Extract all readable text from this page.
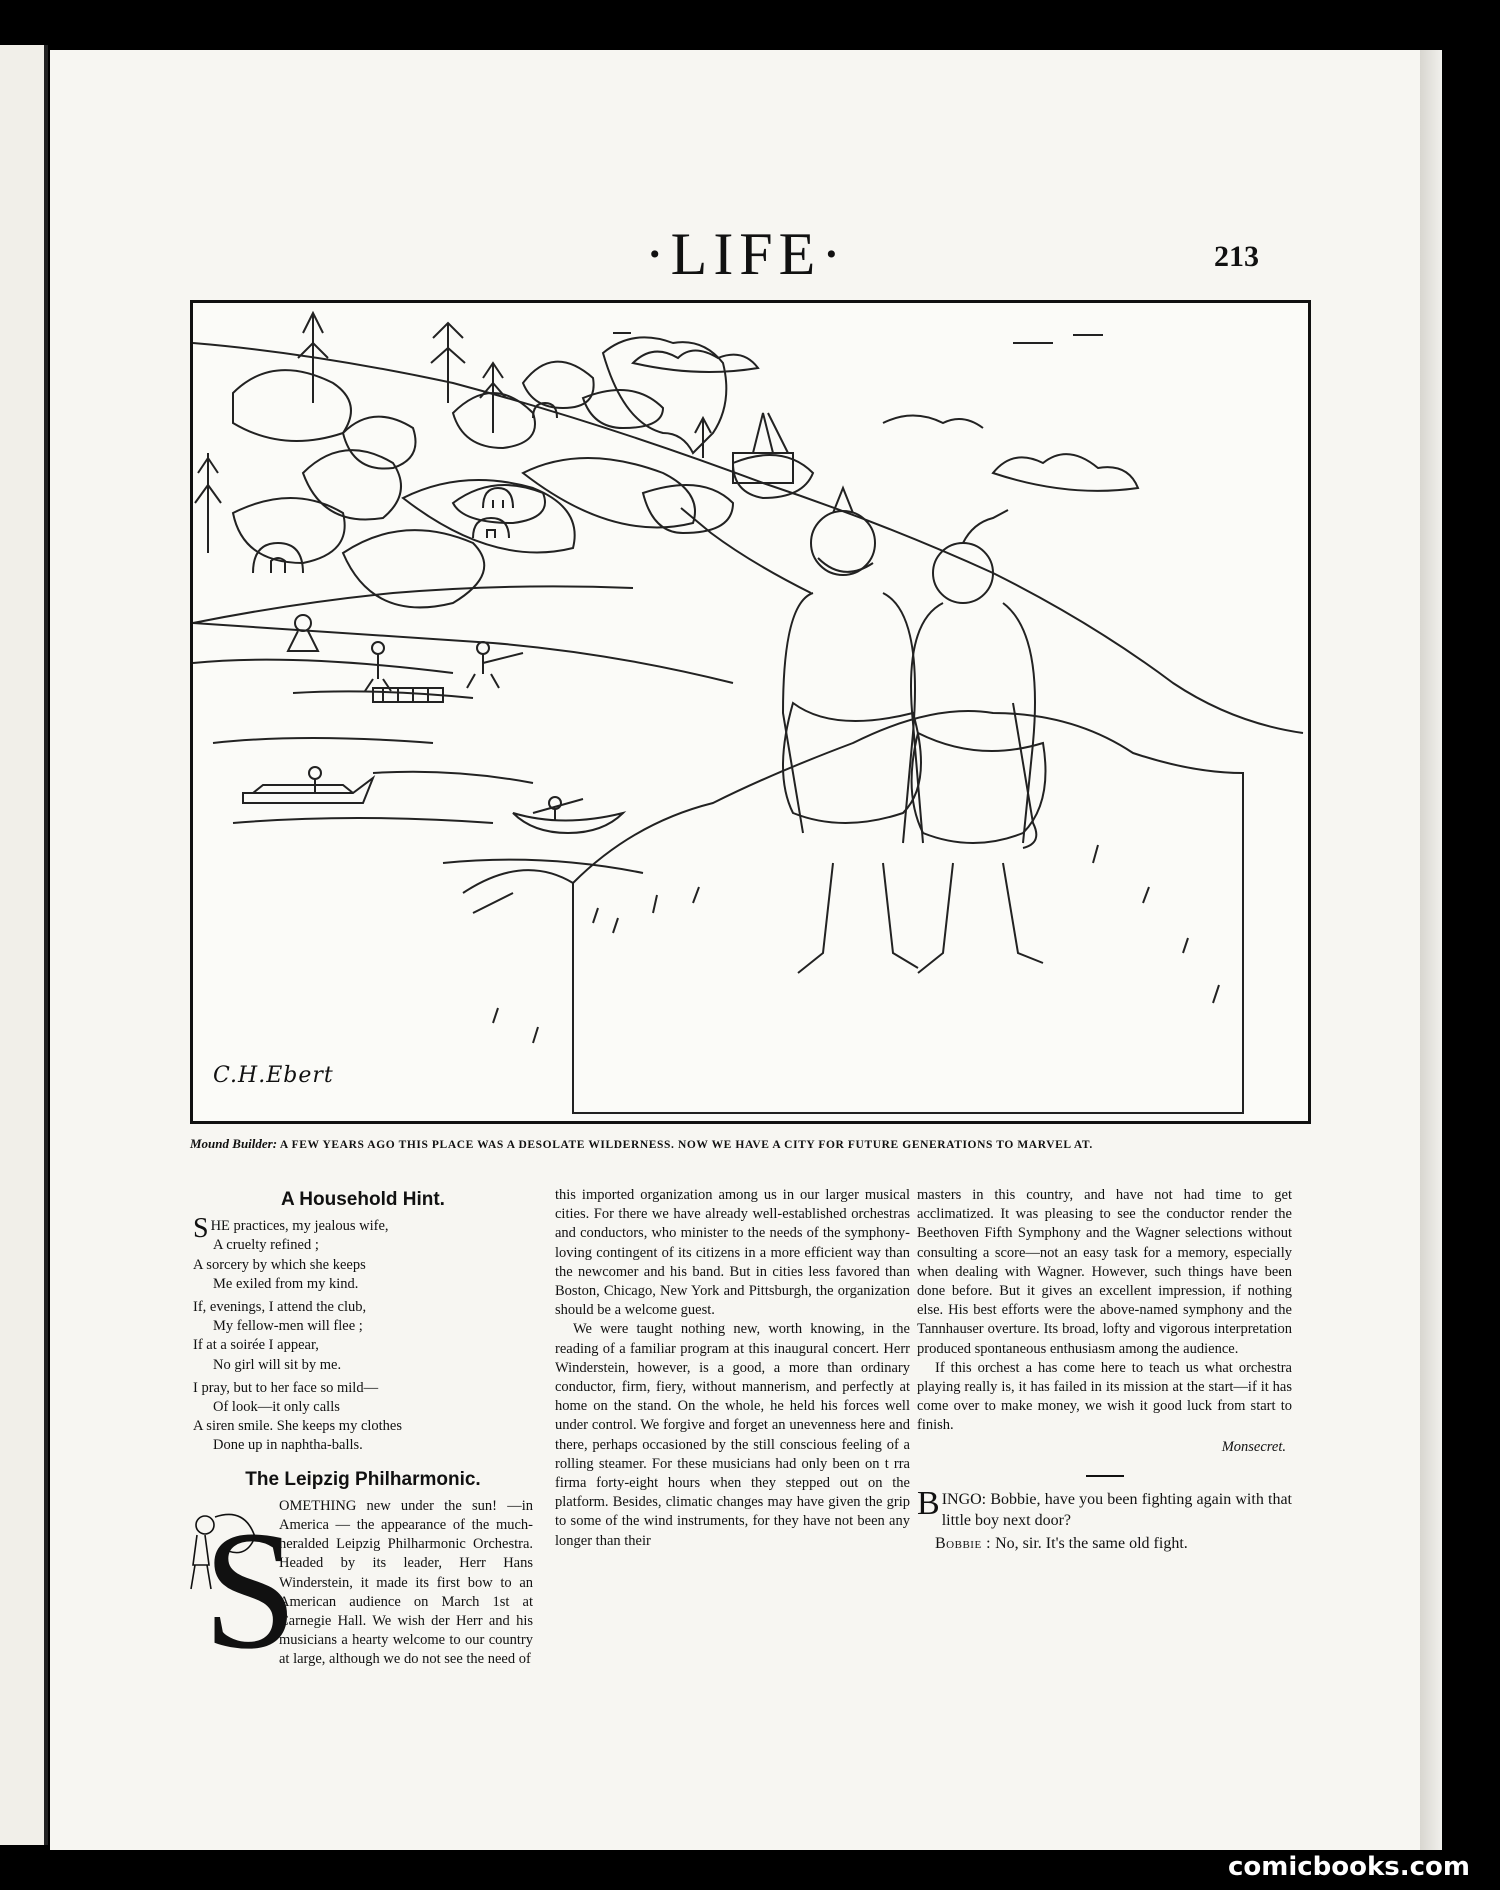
·LIFE·	213
C.H.Ebert
Mound Builder: A FEW YEARS AGO THIS PLACE WAS A DESOLATE WILDERNESS. NOW WE HAVE A CITY FOR FUTURE GENERATIONS TO MARVEL AT.
A Household Hint.

SHE practices, my jealous wife,

A cruelty refined ;

A sorcery by which she keeps

Me exiled from my kind.

If, evenings, I attend the club,

My fellow-men will flee ;

If at a soirée I appear,

No girl will sit by me.

I pray, but to her face so mild—

Of look—it only calls

A siren smile. She keeps my clothes

Done up in naphtha-balls.

The Leipzig Philharmonic.
S

OMETHING new under the sun! —in America — the appearance of the much-heralded Leipzig Philharmonic Orchestra. Headed by its leader, Herr Hans Winderstein, it made its first bow to an American audience on March 1st at Carnegie Hall. We wish der Herr and his musicians a hearty welcome to our country at large, although we do not see the need of

this imported organization among us in our larger musical cities. For there we have already well-established orchestras and conductors, who minister to the needs of the symphony-loving contingent of its citizens in a more efficient way than the newcomer and his band. But in cities less favored than Boston, Chicago, New York and Pittsburgh, the organization should be a welcome guest.

We were taught nothing new, worth knowing, in the reading of a familiar program at this inaugural concert. Herr Winderstein, however, is a good, a more than ordinary conductor, firm, fiery, without mannerism, and perfectly at home on the stand. On the whole, he held his forces well under control. We forgive and forget an unevenness here and there, perhaps occasioned by the still conscious feeling of a rolling steamer. For these musicians had only been on t rra firma forty-eight hours when they stepped out on the platform. Besides, climatic changes may have given the grip to some of the wind instruments, for they have not been any longer than their

masters in this country, and have not had time to get acclimatized. It was pleasing to see the conductor render the Beethoven Fifth Symphony and the Wagner selections without consulting a score—not an easy task for a memory, especially when dealing with Wagner. However, such things have been done before. But it gives an excellent impression, if nothing else. His best efforts were the above-named symphony and the Tannhauser overture. Its broad, lofty and vigorous interpretation produced spontaneous enthusiasm among the audience.

If this orchest a has come here to teach us what orchestra playing really is, it has failed in its mission at the start—if it has come over to make money, we wish it good luck from start to finish.

Monsecret.

BINGO: Bobbie, have you been fighting again with that little boy next door?

Bobbie : No, sir. It's the same old fight.

comicbooks.com
